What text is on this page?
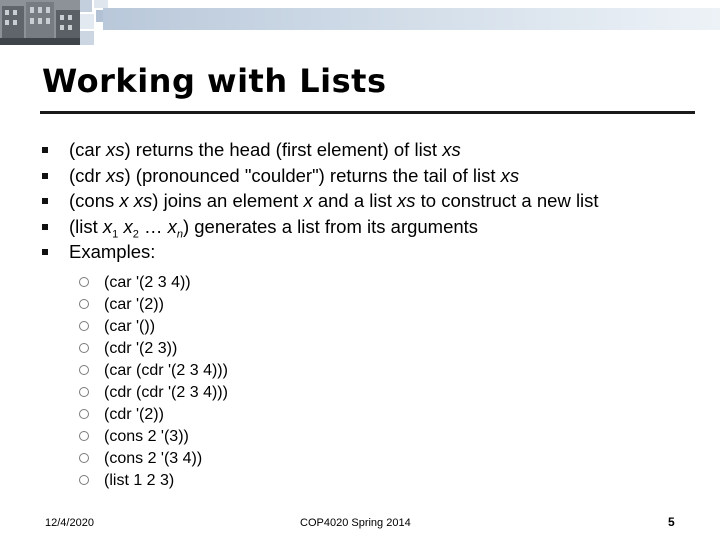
Working with Lists
(car xs) returns the head (first element) of list xs
(cdr xs) (pronounced "coulder") returns the tail of list xs
(cons x xs) joins an element x and a list xs to construct a new list
(list $x_1$ $x_2$ … $x_n$) generates a list from its arguments
Examples:
(car '(2 3 4))
(car '(2))
(car '())
(cdr '(2 3))
(car (cdr '(2 3 4)))
(cdr (cdr '(2 3 4)))
(cdr '(2))
(cons 2 '(3))
(cons 2 '(3 4))
(list 1 2 3)
12/4/2020	COP4020 Spring 2014	5
